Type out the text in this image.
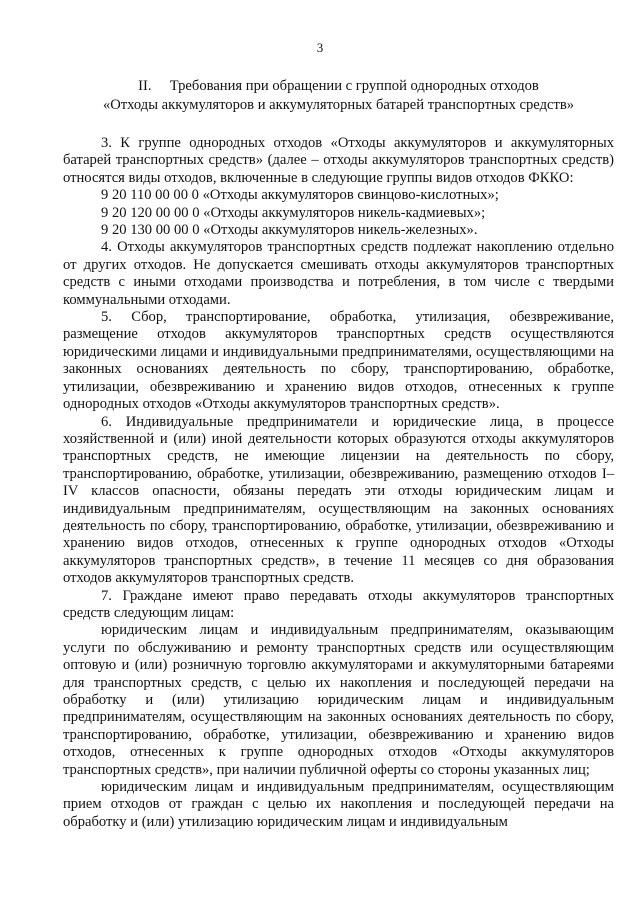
3
II.     Требования при обращении с группой однородных отходов
«Отходы аккумуляторов и аккумуляторных батарей транспортных средств»

3. К группе однородных отходов «Отходы аккумуляторов и аккумуляторных батарей транспортных средств» (далее – отходы аккумуляторов транспортных средств) относятся виды отходов, включенные в следующие группы видов отходов ФККО:

9 20 110 00 00 0 «Отходы аккумуляторов свинцово-кислотных»;
9 20 120 00 00 0 «Отходы аккумуляторов никель-кадмиевых»;
9 20 130 00 00 0 «Отходы аккумуляторов никель-железных».

4. Отходы аккумуляторов транспортных средств подлежат накоплению отдельно от других отходов. Не допускается смешивать отходы аккумуляторов транспортных средств с иными отходами производства и потребления, в том числе с твердыми коммунальными отходами.

5. Сбор, транспортирование, обработка, утилизация, обезвреживание, размещение отходов аккумуляторов транспортных средств осуществляются юридическими лицами и индивидуальными предпринимателями, осуществляющими на законных основаниях деятельность по сбору, транспортированию, обработке, утилизации, обезвреживанию и хранению видов отходов, отнесенных к группе однородных отходов «Отходы аккумуляторов транспортных средств».

6. Индивидуальные предприниматели и юридические лица, в процессе хозяйственной и (или) иной деятельности которых образуются отходы аккумуляторов транспортных средств, не имеющие лицензии на деятельность по сбору, транспортированию, обработке, утилизации, обезвреживанию, размещению отходов I–IV классов опасности, обязаны передать эти отходы юридическим лицам и индивидуальным предпринимателям, осуществляющим на законных основаниях деятельность по сбору, транспортированию, обработке, утилизации, обезвреживанию и хранению видов отходов, отнесенных к группе однородных отходов «Отходы аккумуляторов транспортных средств», в течение 11 месяцев со дня образования отходов аккумуляторов транспортных средств.

7. Граждане имеют право передавать отходы аккумуляторов транспортных средств следующим лицам:

юридическим лицам и индивидуальным предпринимателям, оказывающим услуги по обслуживанию и ремонту транспортных средств или осуществляющим оптовую и (или) розничную торговлю аккумуляторами и аккумуляторными батареями для транспортных средств, с целью их накопления и последующей передачи на обработку и (или) утилизацию юридическим лицам и индивидуальным предпринимателям, осуществляющим на законных основаниях деятельность по сбору, транспортированию, обработке, утилизации, обезвреживанию и хранению видов отходов, отнесенных к группе однородных отходов «Отходы аккумуляторов транспортных средств», при наличии публичной оферты со стороны указанных лиц;

юридическим лицам и индивидуальным предпринимателям, осуществляющим прием отходов от граждан с целью их накопления и последующей передачи на обработку и (или) утилизацию юридическим лицам и индивидуальным
